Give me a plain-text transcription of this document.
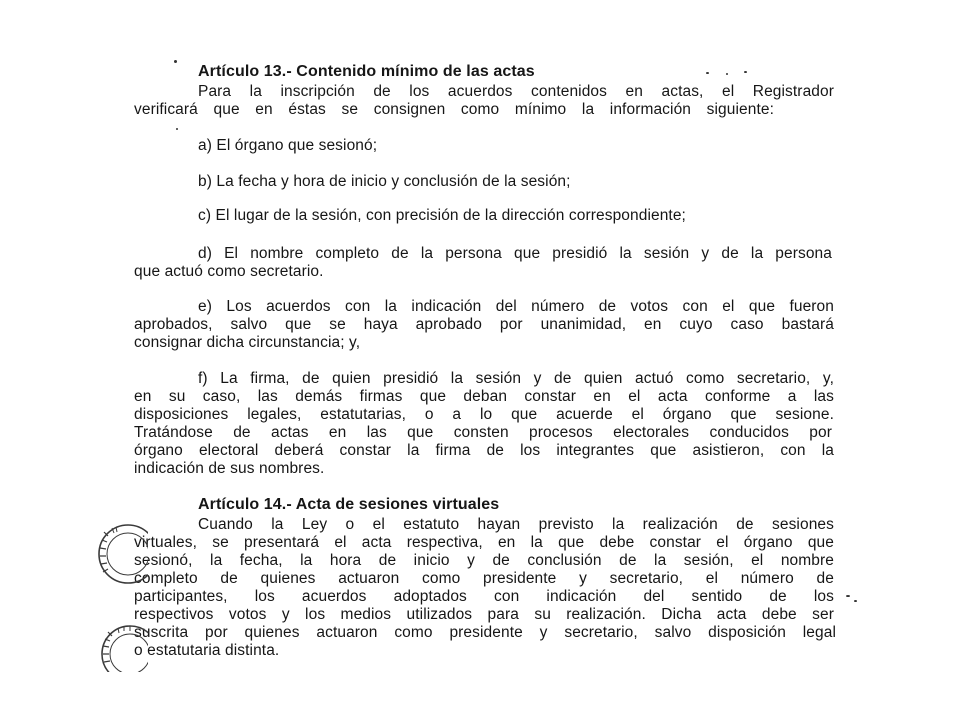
Artículo 13.- Contenido mínimo de las actas
Para la inscripción de los acuerdos contenidos en actas, el Registrador
verificará que en éstas se consignen como mínimo la información siguiente:
a) El órgano que sesionó;
b) La fecha y hora de inicio y conclusión de la sesión;
c) El lugar de la sesión, con precisión de la dirección correspondiente;
d) El nombre completo de la persona que presidió la sesión y de la persona
que actuó como secretario.
e) Los acuerdos con la indicación del número de votos con el que fueron
aprobados, salvo que se haya aprobado por unanimidad, en cuyo caso bastará
consignar dicha circunstancia; y,
f) La firma, de quien presidió la sesión y de quien actuó como secretario, y,
en su caso, las demás firmas que deban constar en el acta conforme a las
disposiciones legales, estatutarias, o a lo que acuerde el órgano que sesione.
Tratándose de actas en las que consten procesos electorales conducidos por
órgano electoral deberá constar la firma de los integrantes que asistieron, con la
indicación de sus nombres.
Artículo 14.- Acta de sesiones virtuales
Cuando la Ley o el estatuto hayan previsto la realización de sesiones
virtuales, se presentará el acta respectiva, en la que debe constar el órgano que
sesionó, la fecha, la hora de inicio y de conclusión de la sesión, el nombre
completo de quienes actuaron como presidente y secretario, el número de
participantes, los acuerdos adoptados con indicación del sentido de los
respectivos votos y los medios utilizados para su realización. Dicha acta debe ser
suscrita por quienes actuaron como presidente y secretario, salvo disposición legal
o estatutaria distinta.
